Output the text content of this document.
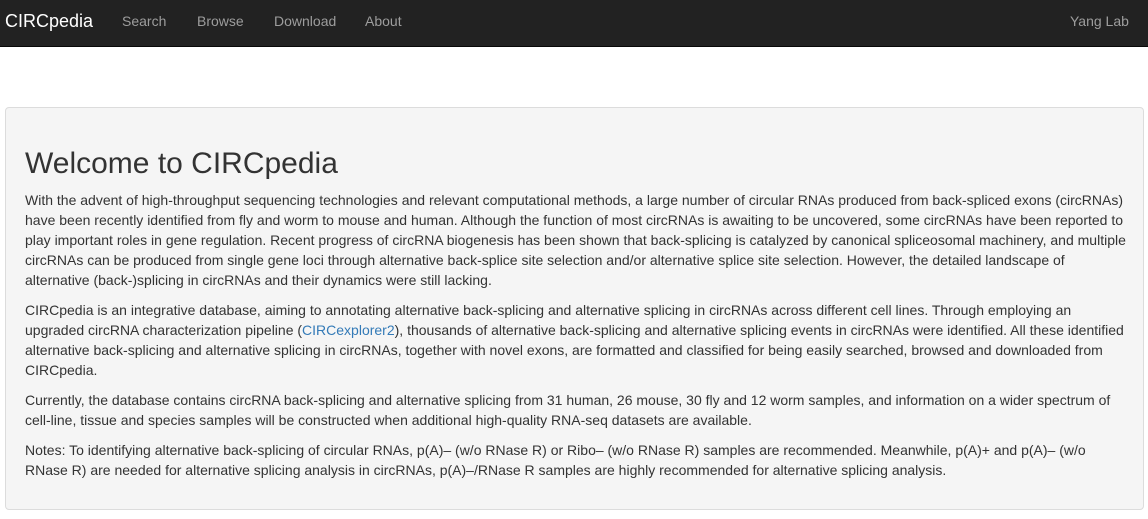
CIRCpedia Search Browse Download About	Yang Lab
Welcome to CIRCpedia

With the advent of high-throughput sequencing technologies and relevant computational methods, a large number of circular RNAs produced from back-spliced exons (circRNAs) have been recently identified from fly and worm to mouse and human. Although the function of most circRNAs is awaiting to be uncovered, some circRNAs have been reported to play important roles in gene regulation. Recent progress of circRNA biogenesis has been shown that back-splicing is catalyzed by canonical spliceosomal machinery, and multiple circRNAs can be produced from single gene loci through alternative back-splice site selection and/or alternative splice site selection. However, the detailed landscape of alternative (back-)splicing in circRNAs and their dynamics were still lacking.

CIRCpedia is an integrative database, aiming to annotating alternative back-splicing and alternative splicing in circRNAs across different cell lines. Through employing an upgraded circRNA characterization pipeline (CIRCexplorer2), thousands of alternative back-splicing and alternative splicing events in circRNAs were identified. All these identified alternative back-splicing and alternative splicing in circRNAs, together with novel exons, are formatted and classified for being easily searched, browsed and downloaded from CIRCpedia.

Currently, the database contains circRNA back-splicing and alternative splicing from 31 human, 26 mouse, 30 fly and 12 worm samples, and information on a wider spectrum of cell-line, tissue and species samples will be constructed when additional high-quality RNA-seq datasets are available.

Notes: To identifying alternative back-splicing of circular RNAs, p(A)– (w/o RNase R) or Ribo– (w/o RNase R) samples are recommended. Meanwhile, p(A)+ and p(A)– (w/o RNase R) are needed for alternative splicing analysis in circRNAs, p(A)–/RNase R samples are highly recommended for alternative splicing analysis.
